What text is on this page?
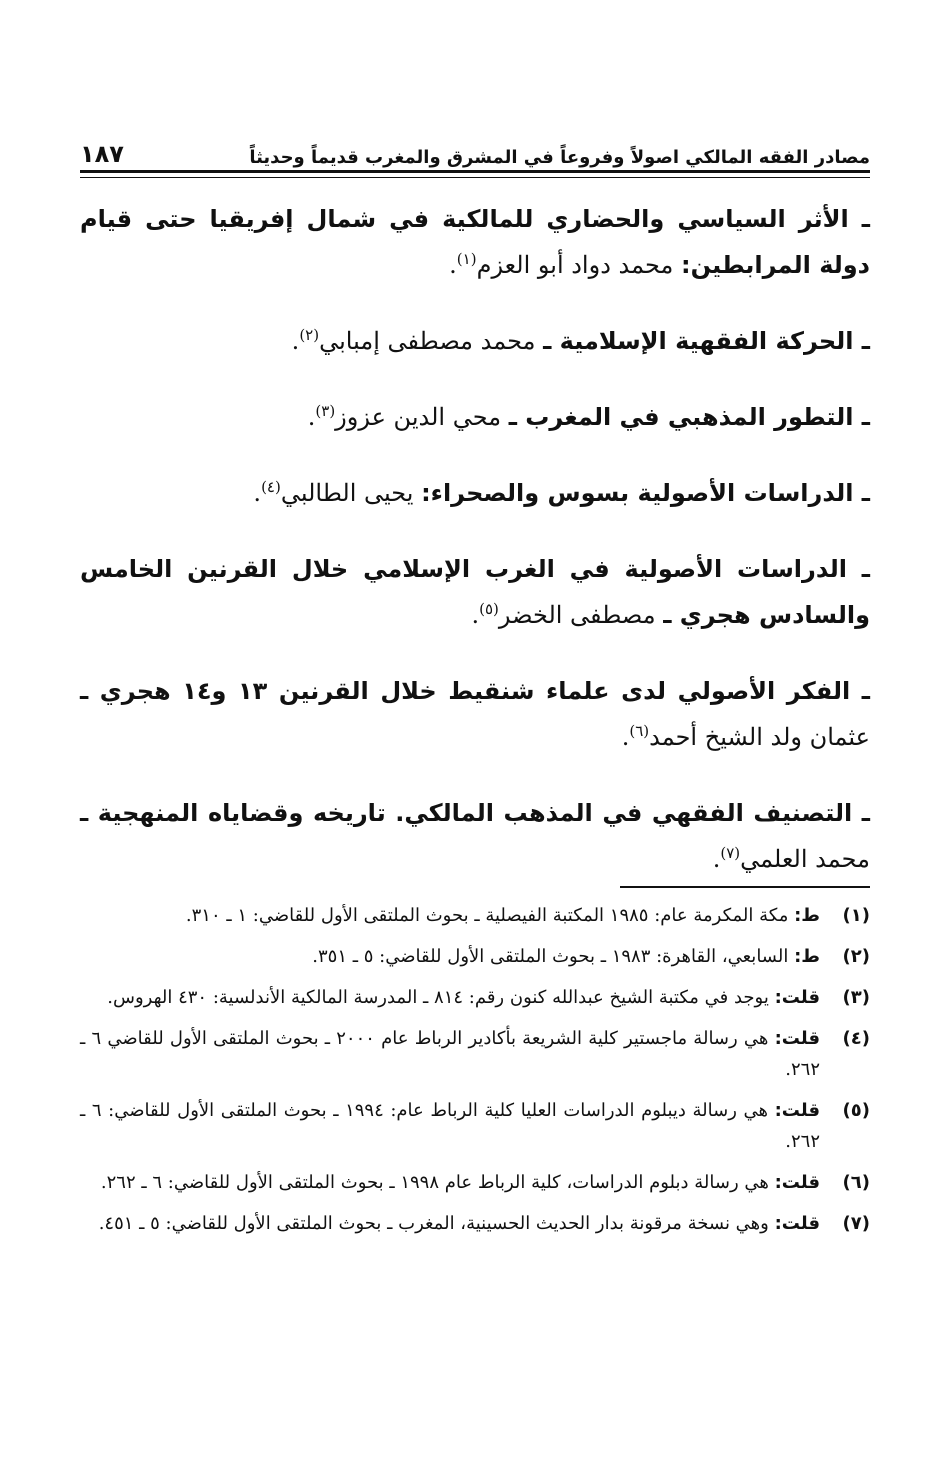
مصادر الفقه المالكي اصولاً وفروعاً في المشرق والمغرب قديماً وحديثاً
١٨٧

ـ الأثر السياسي والحضاري للمالكية في شمال إفريقيا حتى قيام دولة المرابطين: محمد دواد أبو العزم$^{(١)}$.

ـ الحركة الفقهية الإسلامية ـ محمد مصطفى إمبابي$^{(٢)}$.

ـ التطور المذهبي في المغرب ـ محي الدين عزوز$^{(٣)}$.

ـ الدراسات الأصولية بسوس والصحراء: يحيى الطالبي$^{(٤)}$.

ـ الدراسات الأصولية في الغرب الإسلامي خلال القرنين الخامس والسادس هجري ـ مصطفى الخضر$^{(٥)}$.

ـ الفكر الأصولي لدى علماء شنقيط خلال القرنين ١٣ و١٤ هجري ـ عثمان ولد الشيخ أحمد$^{(٦)}$.

ـ التصنيف الفقهي في المذهب المالكي. تاريخه وقضاياه المنهجية ـ محمد العلمي$^{(٧)}$.

(١)
ط: مكة المكرمة عام: ١٩٨٥ المكتبة الفيصلية ـ بحوث الملتقى الأول للقاضي: ١ ـ ٣١٠.
(٢)
ط: السابعي، القاهرة: ١٩٨٣ ـ بحوث الملتقى الأول للقاضي: ٥ ـ ٣٥١.
(٣)
قلت: يوجد في مكتبة الشيخ عبدالله كنون رقم: ٨١٤ ـ المدرسة المالكية الأندلسية: ٤٣٠ الهروس.
(٤)
قلت: هي رسالة ماجستير كلية الشريعة بأكادير الرباط عام ٢٠٠٠ ـ بحوث الملتقى الأول للقاضي ٦ ـ ٢٦٢.
(٥)
قلت: هي رسالة ديبلوم الدراسات العليا كلية الرباط عام: ١٩٩٤ ـ بحوث الملتقى الأول للقاضي: ٦ ـ ٢٦٢.
(٦)
قلت: هي رسالة دبلوم الدراسات، كلية الرباط عام ١٩٩٨ ـ بحوث الملتقى الأول للقاضي: ٦ ـ ٢٦٢.
(٧)
قلت: وهي نسخة مرقونة بدار الحديث الحسينية، المغرب ـ بحوث الملتقى الأول للقاضي: ٥ ـ ٤٥١.
